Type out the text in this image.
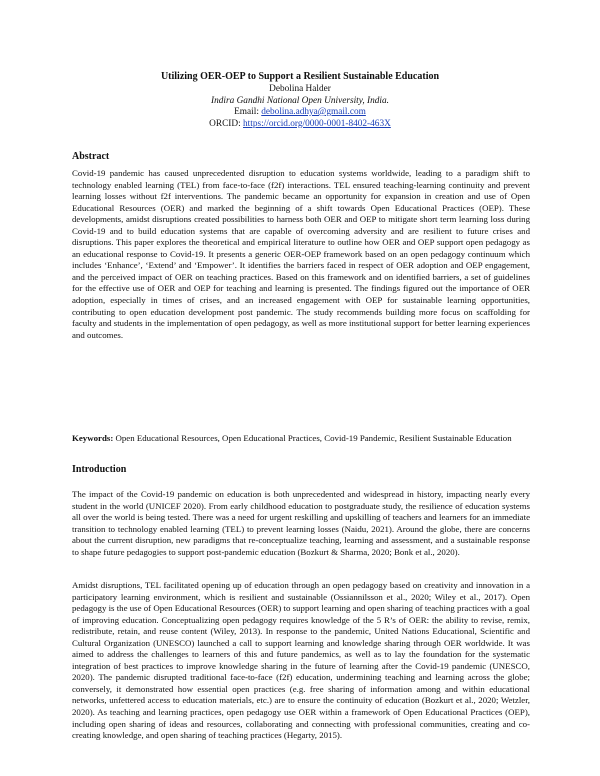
Utilizing OER-OEP to Support a Resilient Sustainable Education
Debolina Halder
Indira Gandhi National Open University, India.
Email: debolina.adhya@gmail.com
ORCID: https://orcid.org/0000-0001-8402-463X
Abstract

Covid-19 pandemic has caused unprecedented disruption to education systems worldwide, leading to a paradigm shift to technology enabled learning (TEL) from face-to-face (f2f) interactions. TEL ensured teaching-learning continuity and prevent learning losses without f2f interventions. The pandemic became an opportunity for expansion in creation and use of Open Educational Resources (OER) and marked the beginning of a shift towards Open Educational Practices (OEP). These developments, amidst disruptions created possibilities to harness both OER and OEP to mitigate short term learning loss during Covid-19 and to build education systems that are capable of overcoming adversity and are resilient to future crises and disruptions. This paper explores the theoretical and empirical literature to outline how OER and OEP support open pedagogy as an educational response to Covid-19. It presents a generic OER-OEP framework based on an open pedagogy continuum which includes ‘Enhance’, ‘Extend’ and ‘Empower’. It identifies the barriers faced in respect of OER adoption and OEP engagement, and the perceived impact of OER on teaching practices. Based on this framework and on identified barriers, a set of guidelines for the effective use of OER and OEP for teaching and learning is presented. The findings figured out the importance of OER adoption, especially in times of crises, and an increased engagement with OEP for sustainable learning opportunities, contributing to open education development post pandemic. The study recommends building more focus on scaffolding for faculty and students in the implementation of open pedagogy, as well as more institutional support for better learning experiences and outcomes.

Keywords: Open Educational Resources, Open Educational Practices, Covid-19 Pandemic, Resilient Sustainable Education
Introduction

The impact of the Covid-19 pandemic on education is both unprecedented and widespread in history, impacting nearly every student in the world (UNICEF 2020). From early childhood education to postgraduate study, the resilience of education systems all over the world is being tested. There was a need for urgent reskilling and upskilling of teachers and learners for an immediate transition to technology enabled learning (TEL) to prevent learning losses (Naidu, 2021). Around the globe, there are concerns about the current disruption, new paradigms that re-conceptualize teaching, learning and assessment, and a sustainable response to shape future pedagogies to support post-pandemic education (Bozkurt & Sharma, 2020; Bonk et al., 2020).

Amidst disruptions, TEL facilitated opening up of education through an open pedagogy based on creativity and innovation in a participatory learning environment, which is resilient and sustainable (Ossiannilsson et al., 2020; Wiley et al., 2017). Open pedagogy is the use of Open Educational Resources (OER) to support learning and open sharing of teaching practices with a goal of improving education. Conceptualizing open pedagogy requires knowledge of the 5 R’s of OER: the ability to revise, remix, redistribute, retain, and reuse content (Wiley, 2013). In response to the pandemic, United Nations Educational, Scientific and Cultural Organization (UNESCO) launched a call to support learning and knowledge sharing through OER worldwide. It was aimed to address the challenges to learners of this and future pandemics, as well as to lay the foundation for the systematic integration of best practices to improve knowledge sharing in the future of learning after the Covid-19 pandemic (UNESCO, 2020). The pandemic disrupted traditional face-to-face (f2f) education, undermining teaching and learning across the globe; conversely, it demonstrated how essential open practices (e.g. free sharing of information among and within educational networks, unfettered access to education materials, etc.) are to ensure the continuity of education (Bozkurt et al., 2020; Wetzler, 2020). As teaching and learning practices, open pedagogy use OER within a framework of Open Educational Practices (OEP), including open sharing of ideas and resources, collaborating and connecting with professional communities, creating and co-creating knowledge, and open sharing of teaching practices (Hegarty, 2015).
